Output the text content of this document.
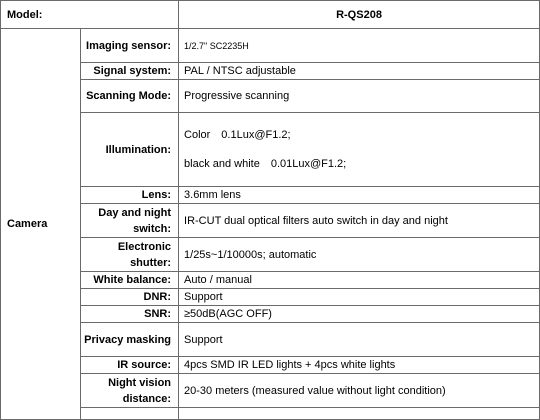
Model:		R-QS208
Camera	Imaging sensor:	1/2.7" SC2235H
	Signal system:	PAL / NTSC adjustable
	Scanning Mode:	Progressive scanning
	Illumination:	Color　0.1Lux@F1.2;
black and white　0.01Lux@F1.2;

	Lens:	3.6mm lens
	Day and night switch:	IR-CUT dual optical filters auto switch in day and night
	Electronic shutter:	1/25s~1/10000s; automatic
	White balance:	Auto / manual
	DNR:	Support
	SNR:	≥50dB(AGC OFF)
	Privacy masking	Support
	IR source:	4pcs SMD IR LED lights + 4pcs white lights
	Night vision distance:	20-30 meters (measured value without light condition)
